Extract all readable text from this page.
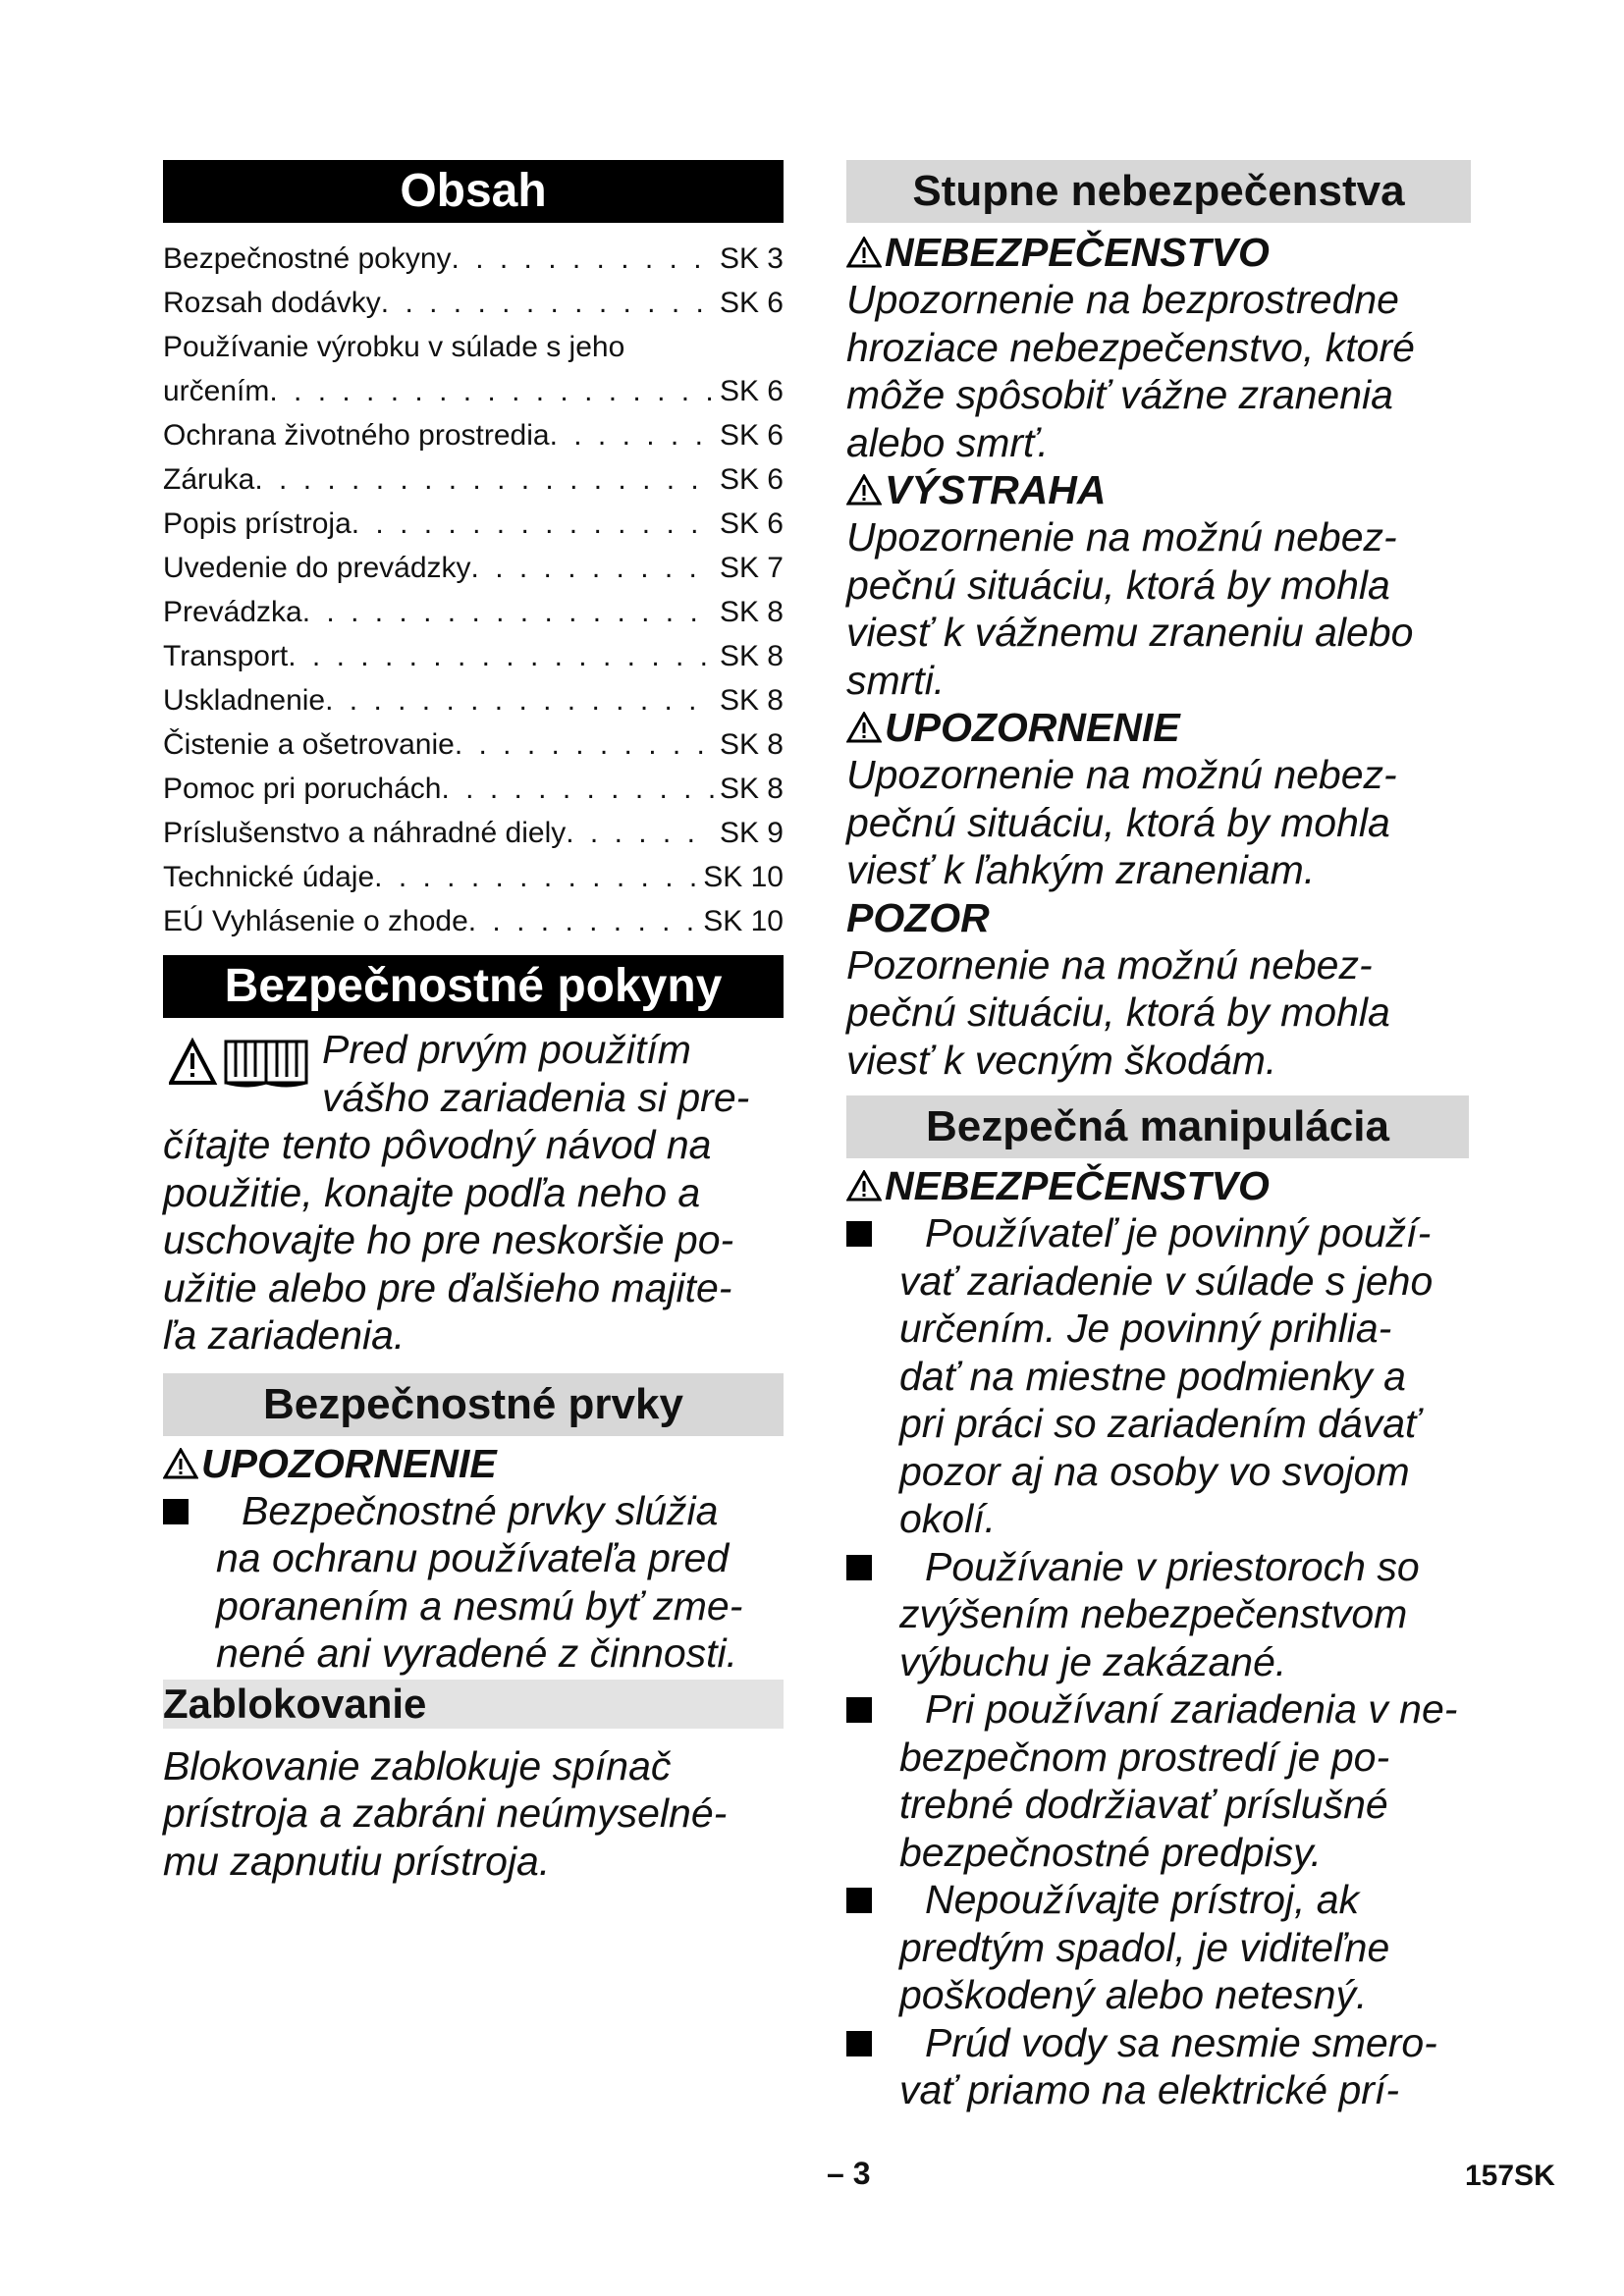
Obsah
Bezpečnostné pokyny . . .	SK 3
Rozsah dodávky . . .	SK 6
Používanie výrobku v súlade s jeho
určením . . .	SK 6
Ochrana životného prostredia . . .	SK 6
Záruka . . .	SK 6
Popis prístroja . . .	SK 6
Uvedenie do prevádzky . . .	SK 7
Prevádzka . . .	SK 8
Transport . . .	SK 8
Uskladnenie . . .	SK 8
Čistenie a ošetrovanie . . .	SK 8
Pomoc pri poruchách . . .	SK 8
Príslušenstvo a náhradné diely . . .	SK 9
Technické údaje . . .	SK 10
EÚ Vyhlásenie o zhode . . .	SK 10
Bezpečnostné pokyny

Pred prvým použitím

vášho zariadenia si pre-

čítajte tento pôvodný návod na

použitie, konajte podľa neho a

uschovajte ho pre neskoršie po-

užitie alebo pre ďalšieho majite-

ľa zariadenia.

Bezpečnostné prvky

UPOZORNENIE

Bezpečnostné prvky slúžia

na ochranu používateľa pred

poranením a nesmú byť zme-

nené ani vyradené z činnosti.

Zablokovanie

Blokovanie zablokuje spínač

prístroja a zabráni neúmyselné-

mu zapnutiu prístroja.

Stupne nebezpečenstva

NEBEZPEČENSTVO

Upozornenie na bezprostredne

hroziace nebezpečenstvo, ktoré

môže spôsobiť vážne zranenia

alebo smrť.

VÝSTRAHA

Upozornenie na možnú nebez-

pečnú situáciu, ktorá by mohla

viesť k vážnemu zraneniu alebo

smrti.

UPOZORNENIE

Upozornenie na možnú nebez-

pečnú situáciu, ktorá by mohla

viesť k ľahkým zraneniam.

POZOR

Pozornenie na možnú nebez-

pečnú situáciu, ktorá by mohla

viesť k vecným škodám.

Bezpečná manipulácia

NEBEZPEČENSTVO

Používateľ je povinný použí-

vať zariadenie v súlade s jeho

určením. Je povinný prihlia-

dať na miestne podmienky a

pri práci so zariadením dávať

pozor aj na osoby vo svojom

okolí.

Používanie v priestoroch so

zvýšením nebezpečenstvom

výbuchu je zakázané.

Pri používaní zariadenia v ne-

bezpečnom prostredí je po-

trebné dodržiavať príslušné

bezpečnostné predpisy.

Nepoužívajte prístroj, ak

predtým spadol, je viditeľne

poškodený alebo netesný.

Prúd vody sa nesmie smero-

vať priamo na elektrické prí-

– 3	157SK
